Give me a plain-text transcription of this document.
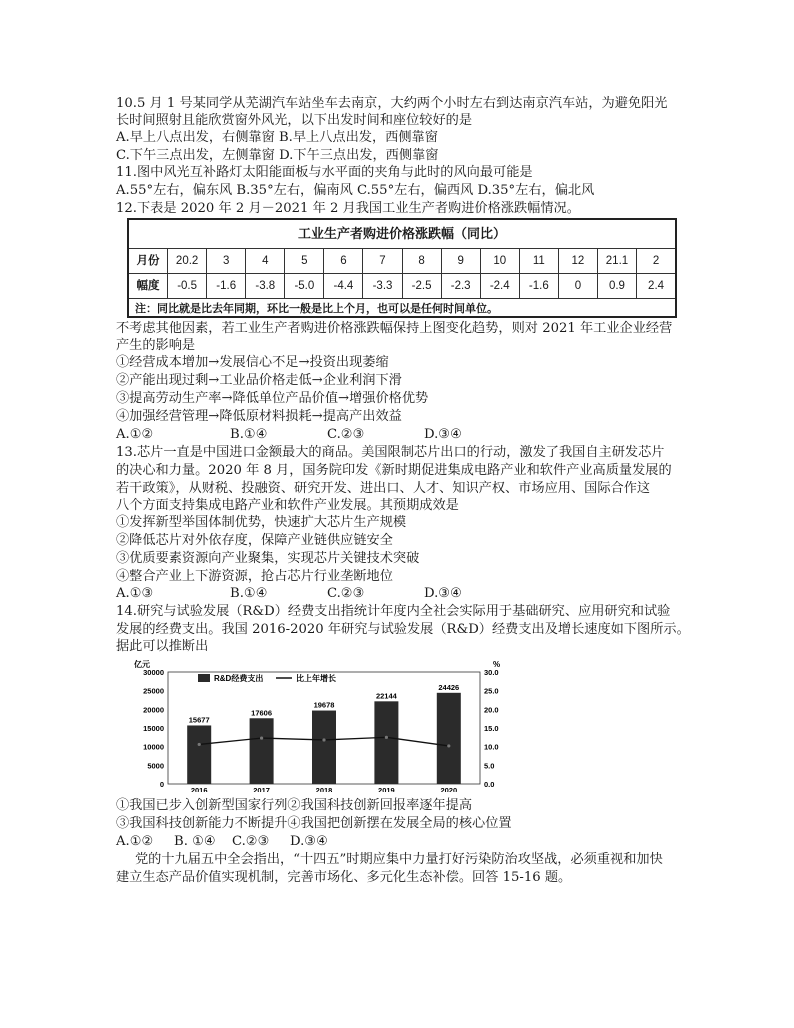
10.5 月 1 号某同学从芜湖汽车站坐车去南京，大约两个小时左右到达南京汽车站，为避免阳光
长时间照射且能欣赏窗外风光，以下出发时间和座位较好的是
A.早上八点出发，右侧靠窗 B.早上八点出发，西侧靠窗
C.下午三点出发，左侧靠窗 D.下午三点出发，西侧靠窗
11.图中风光互补路灯太阳能面板与水平面的夹角与此时的风向最可能是
A.55°左右，偏东风 B.35°左右，偏南风 C.55°左右，偏西风 D.35°左右，偏北风
12.下表是 2020 年 2 月－2021 年 2 月我国工业生产者购进价格涨跌幅情况。
工业生产者购进价格涨跌幅（同比）
月份	20.2	3	4	5	6	7	8	9	10	11	12	21.1	2
幅度	-0.5	-1.6	-3.8	-5.0	-4.4	-3.3	-2.5	-2.3	-2.4	-1.6	0	0.9	2.4
注：同比就是比去年同期，环比一般是比上个月，也可以是任何时间单位。
不考虑其他因素，若工业生产者购进价格涨跌幅保持上图变化趋势，则对 2021 年工业企业经营
产生的影响是
①经营成本增加→发展信心不足→投资出现萎缩
②产能出现过剩→工业品价格走低→企业利润下滑
③提高劳动生产率→降低单位产品价值→增强价格优势
④加强经营管理→降低原材料损耗→提高产出效益
A.①②	B.①④	C.②③	D.③④
13.芯片一直是中国进口金额最大的商品。美国限制芯片出口的行动，激发了我国自主研发芯片
的决心和力量。2020 年 8 月，国务院印发《新时期促进集成电路产业和软件产业高质量发展的
若干政策》，从财税、投融资、研究开发、进出口、人才、知识产权、市场应用、国际合作这
八个方面支持集成电路产业和软件产业发展。其预期成效是
①发挥新型举国体制优势，快速扩大芯片生产规模
②降低芯片对外依存度，保障产业链供应链安全
③优质要素资源向产业聚集，实现芯片关键技术突破
④整合产业上下游资源，抢占芯片行业垄断地位
A.①③	B.①④	C.②③	D.③④
14.研究与试验发展（R&D）经费支出指统计年度内全社会实际用于基础研究、应用研究和试验
发展的经费支出。我国 2016-2020 年研究与试验发展（R&D）经费支出及增长速度如下图所示。
据此可以推断出
亿元	%
R&D经费支出	比上年增长
30000
25000
20000
15000
10000
5000
0
30.0
25.0
20.0
15.0
10.0
5.0
0.0
15677
2016
17606
2017
19678
2018
22144
2019
24426
2020
①我国已步入创新型国家行列②我国科技创新回报率逐年提高
③我国科技创新能力不断提升④我国把创新摆在发展全局的核心位置
A.①② B. ①④ C.②③ D.③④
党的十九届五中全会指出，“十四五”时期应集中力量打好污染防治攻坚战，必须重视和加快
建立生态产品价值实现机制，完善市场化、多元化生态补偿。回答 15-16 题。
